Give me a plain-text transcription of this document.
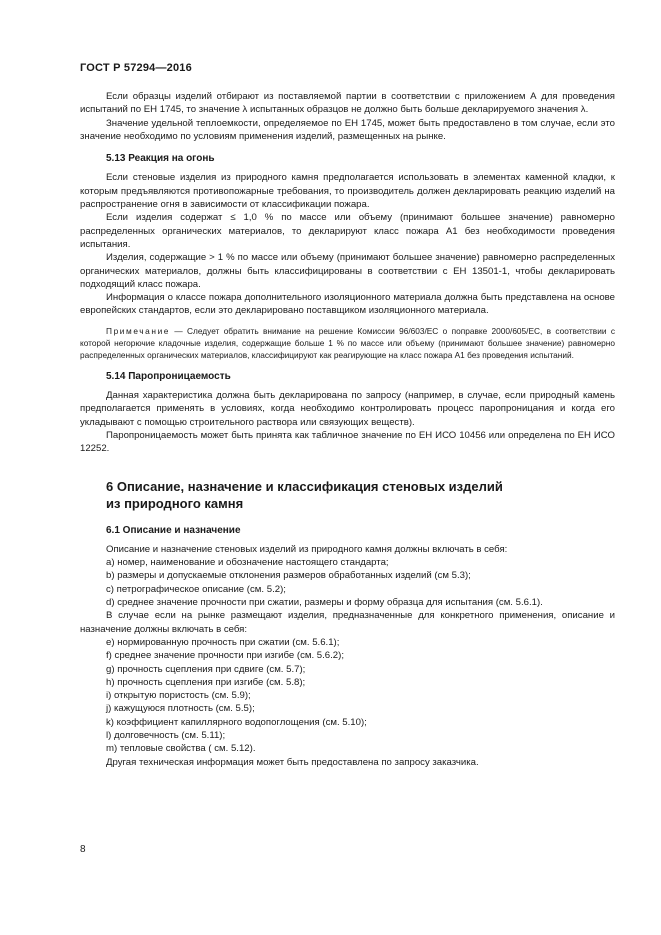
ГОСТ Р 57294—2016

Если образцы изделий отбирают из поставляемой партии в соответствии с приложением А для проведения испытаний по ЕН 1745, то значение λ испытанных образцов не должно быть больше декларируемого значения λ.

Значение удельной теплоемкости, определяемое по ЕН 1745, может быть предоставлено в том случае, если это значение необходимо по условиям применения изделий, размещенных на рынке.

5.13 Реакция на огонь

Если стеновые изделия из природного камня предполагается использовать в элементах каменной кладки, к которым предъявляются противопожарные требования, то производитель должен декларировать реакцию изделий на распространение огня в зависимости от классификации пожара.

Если изделия содержат ≤ 1,0 % по массе или объему (принимают большее значение) равномерно распределенных органических материалов, то декларируют класс пожара А1 без необходимости проведения испытания.

Изделия, содержащие > 1 % по массе или объему (принимают большее значение) равномерно распределенных органических материалов, должны быть классифицированы в соответствии с ЕН 13501-1, чтобы декларировать подходящий класс пожара.

Информация о классе пожара дополнительного изоляционного материала должна быть представлена на основе европейских стандартов, если это декларировано поставщиком изоляционного материала.

Примечание — Следует обратить внимание на решение Комиссии 96/603/ЕС о поправке 2000/605/ЕС, в соответствии с которой негорючие кладочные изделия, содержащие больше 1 % по массе или объему (принимают большее значение) равномерно распределенных органических материалов, классифицируют как реагирующие на класс пожара А1 без проведения испытаний.
5.14 Паропроницаемость

Данная характеристика должна быть декларирована по запросу (например, в случае, если природный камень предполагается применять в условиях, когда необходимо контролировать процесс паропроницания и когда его укладывают с помощью строительного раствора или связующих веществ).

Паропроницаемость может быть принята как табличное значение по ЕН ИСО 10456 или определена по ЕН ИСО 12252.

6 Описание, назначение и классификация стеновых изделий
из природного камня
6.1 Описание и назначение

Описание и назначение стеновых изделий из природного камня должны включать в себя:

a) номер, наименование и обозначение настоящего стандарта;

b) размеры и допускаемые отклонения размеров обработанных изделий (см 5.3);

c) петрографическое описание (см. 5.2);

d) среднее значение прочности при сжатии, размеры и форму образца для испытания (см. 5.6.1).

В случае если на рынке размещают изделия, предназначенные для конкретного применения, описание и назначение должны включать в себя:

e) нормированную прочность при сжатии (см. 5.6.1);

f) среднее значение прочности при изгибе (см. 5.6.2);

g) прочность сцепления при сдвиге (см. 5.7);

h) прочность сцепления при изгибе (см. 5.8);

i) открытую пористость (см. 5.9);

j) кажущуюся плотность (см. 5.5);

k) коэффициент капиллярного водопоглощения (см. 5.10);

l) долговечность (см. 5.11);

m) тепловые свойства ( см. 5.12).

Другая техническая информация может быть предоставлена по запросу заказчика.

8
